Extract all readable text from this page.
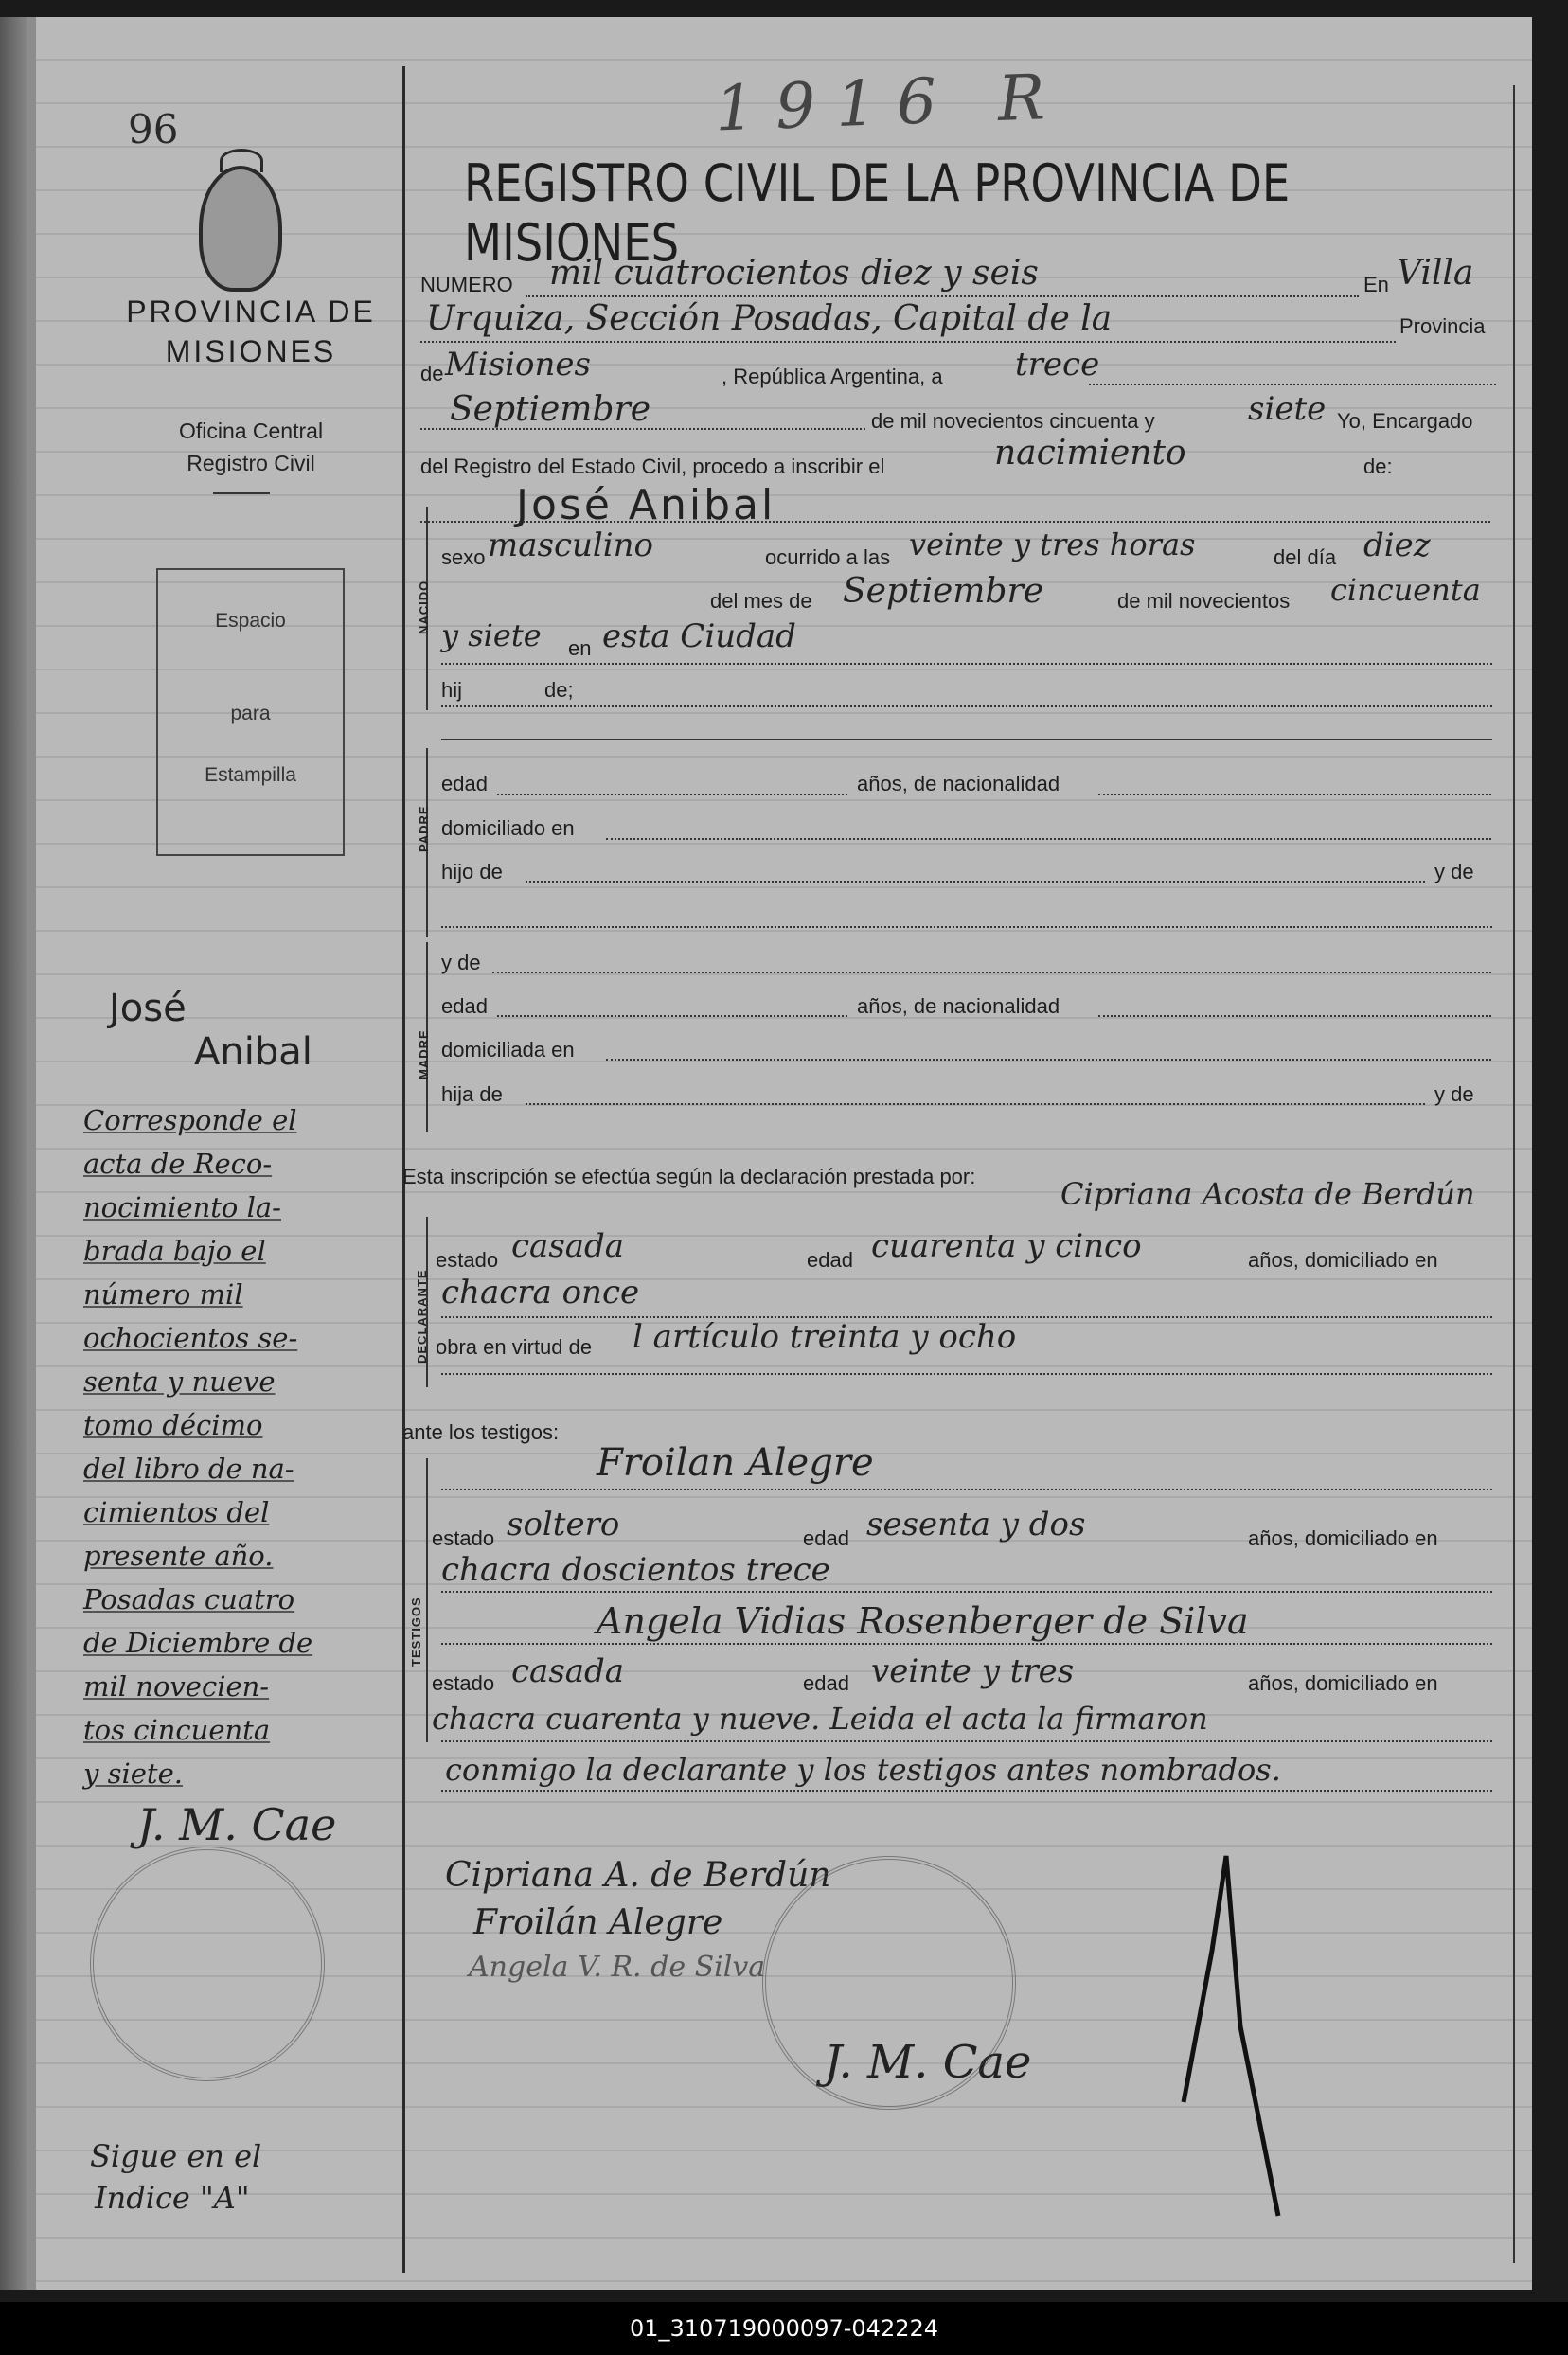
96	1916 R
REGISTRO CIVIL DE LA PROVINCIA DE MISIONES
PROVINCIA DE
MISIONES
Oficina Central
Registro Civil
Espacio
para
Estampilla
NUMERO mil cuatrocientos diez y seis	En Villa
Urquiza, Sección Posadas, Capital de la	Provincia
de Misiones	, República Argentina, a trece
Septiembre	de mil novecientos cincuenta y	siete Yo, Encargado
del Registro del Estado Civil, procedo a inscribir el	nacimiento	de:
José Anibal
NACIDO
sexo masculino	ocurrido a las veinte y tres horas	del día diez
del mes de Septiembre	de mil novecientos cincuenta
y siete en esta Ciudad
hij	de;
PADRE
edad	años, de nacionalidad
domiciliado en
hijo de	y de
MADRE
y de
edad	años, de nacionalidad
domiciliada en
hija de	y de
Esta inscripción se efectúa según la declaración prestada por:	Cipriana Acosta de Berdún
DECLARANTE
estado casada	edad cuarenta y cinco	años, domiciliado en
chacra once
obra en virtud de l artículo treinta y ocho
ante los testigos:
TESTIGOS
Froilan Alegre
estado soltero	edad sesenta y dos	años, domiciliado en
chacra doscientos trece
Angela Vidias Rosenberger de Silva
estado casada	edad veinte y tres	años, domiciliado en
chacra cuarenta y nueve. Leida el acta la firmaron
conmigo la declarante y los testigos antes nombrados.
Cipriana A. de Berdún
Froilán Alegre
Angela V. R. de Silva
J. M. Cae
José
Anibal
Corresponde el
acta de Reco-
nocimiento la-
brada bajo el
número mil
ochocientos se-
senta y nueve
tomo décimo
del libro de na-
cimientos del
presente año.
Posadas cuatro
de Diciembre de
mil novecien-
tos cincuenta
y siete.
J. M. Cae
Sigue en el
Indice "A"
01_310719000097-042224
